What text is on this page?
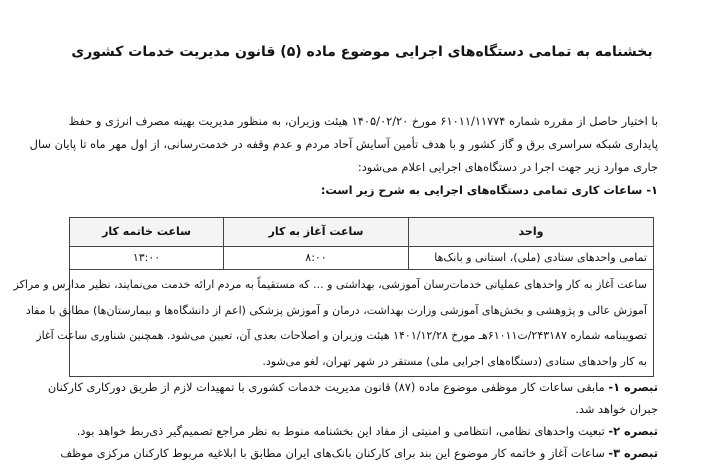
بخشنامه به تمامی دستگاه‌های اجرایی موضوع ماده (۵) قانون مدیریت خدمات کشوری
با اختیار حاصل از مقرره شماره ۶۱۰۱۱/۱۱۷۷۴ مورخ ۱۴۰۵/۰۲/۲۰ هیئت وزیران، به منظور مدیریت بهینه مصرف انرژی و حفظ
پایداری شبکه سراسری برق و گاز کشور و با هدف تأمین آسایش آحاد مردم و عدم وقفه در خدمت‌رسانی، از اول مهر ماه تا پایان سال
جاری موارد زیر جهت اجرا در دستگاه‌های اجرایی اعلام می‌شود:
۱- ساعات کاری تمامی دستگاه‌های اجرایی به شرح زیر است:
واحد
ساعت آغاز به کار
ساعت خاتمه کار
تمامی واحدهای ستادی (ملی)، استانی و بانک‌ها
۸:۰۰
۱۳:۰۰
ساعت آغاز به کار واحدهای عملیاتی خدمات‌رسان آموزشی، بهداشتی و ... که مستقیماً به مردم ارائه خدمت می‌نمایند، نظیر مدارس و مراکز
آموزش عالی و پژوهشی و بخش‌های آموزشی وزارت بهداشت، درمان و آموزش پزشکی (اعم از دانشگاه‌ها و بیمارستان‌ها) مطابق با مفاد
تصویبنامه شماره ۲۴۳۱۸۷/ت۶۱۰۱۱هـ مورخ ۱۴۰۱/۱۲/۲۸ هیئت وزیران و اصلاحات بعدی آن، تعیین می‌شود. همچنین شناوری ساعت آغاز
به کار واحدهای ستادی (دستگاه‌های اجرایی ملی) مستقر در شهر تهران، لغو می‌شود.
تبصره ۱- مابقی ساعات کار موظفی موضوع ماده (۸۷) قانون مدیریت خدمات کشوری با تمهیدات لازم از طریق دورکاری کارکنان
جبران خواهد شد.
تبصره ۲- تبعیت واحدهای نظامی، انتظامی و امنیتی از مفاد این بخشنامه منوط به نظر مراجع تصمیم‌گیر ذی‌ربط خواهد بود.
تبصره ۳- ساعات آغاز و خاتمه کار موضوع این بند برای کارکنان بانک‌های ایران مطابق با ابلاغیه مربوط کارکنان مرکزی موظف
